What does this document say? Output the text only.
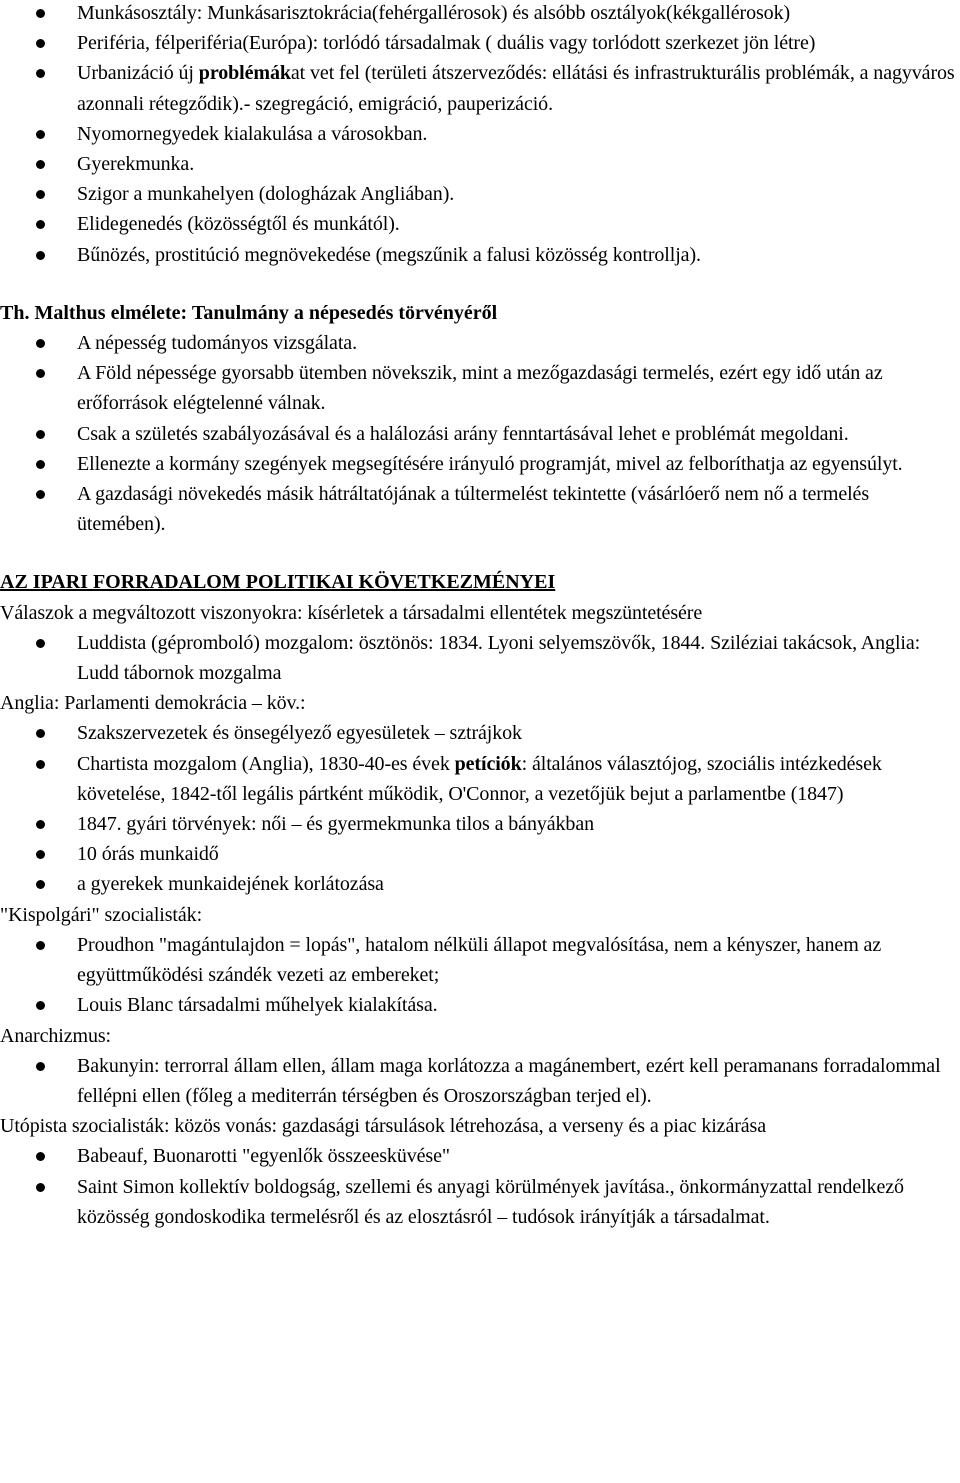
Munkásosztály: Munkásarisztokrácia(fehérgallérosok) és alsóbb osztályok(kékgallérosok)
Periféria, félperiféria(Európa): torlódó társadalmak ( duális vagy torlódott szerkezet jön létre)
Urbanizáció új problémákat vet fel (területi átszerveződés: ellátási és infrastrukturális problémák, a nagyváros azonnali rétegződik).- szegregáció, emigráció, pauperizáció.
Nyomornegyedek kialakulása a városokban.
Gyerekmunka.
Szigor a munkahelyen (dologházak Angliában).
Elidegenedés (közösségtől és munkától).
Bűnözés, prostitúció megnövekedése (megszűnik a falusi közösség kontrollja).
Th. Malthus elmélete: Tanulmány a népesedés törvényéről
A népesség tudományos vizsgálata.
A Föld népessége gyorsabb ütemben növekszik, mint a mezőgazdasági termelés, ezért egy idő után az erőforrások elégtelenné válnak.
Csak a születés szabályozásával és a halálozási arány fenntartásával lehet e problémát megoldani.
Ellenezte a kormány szegények megsegítésére irányuló programját, mivel az felboríthatja az egyensúlyt.
A gazdasági növekedés másik hátráltatójának a túltermelést tekintette (vásárlóerő nem nő a termelés ütemében).
AZ IPARI FORRADALOM POLITIKAI KÖVETKEZMÉNYEI
Válaszok a megváltozott viszonyokra: kísérletek a társadalmi ellentétek megszüntetésére
Luddista (gépromboló) mozgalom: ösztönös: 1834. Lyoni selyemszövők, 1844. Sziléziai takácsok, Anglia: Ludd tábornok mozgalma
Anglia: Parlamenti demokrácia – köv.:
Szakszervezetek és önsegélyező egyesületek – sztrájkok
Chartista mozgalom (Anglia), 1830-40-es évek petíciók: általános választójog, szociális intézkedések követelése, 1842-től legális pártként működik, O'Connor, a vezetőjük bejut a parlamentbe (1847)
1847. gyári törvények: női – és gyermekmunka tilos a bányákban
10 órás munkaidő
a gyerekek munkaidejének korlátozása
"Kispolgári" szocialisták:
Proudhon "magántulajdon = lopás", hatalom nélküli állapot megvalósítása, nem a kényszer, hanem az együttműködési szándék vezeti az embereket;
Louis Blanc társadalmi műhelyek kialakítása.
Anarchizmus:
Bakunyin: terrorral állam ellen, állam maga korlátozza a magánembert, ezért kell peramanans forradalommal fellépni ellen (főleg a mediterrán térségben és Oroszországban terjed el).
Utópista szocialisták: közös vonás: gazdasági társulások létrehozása, a verseny és a piac kizárása
Babeauf, Buonarotti "egyenlők összeesküvése"
Saint Simon kollektív boldogság, szellemi és anyagi körülmények javítása., önkormányzattal rendelkező közösség gondoskodika termelésről és az elosztásról – tudósok irányítják a társadalmat.
